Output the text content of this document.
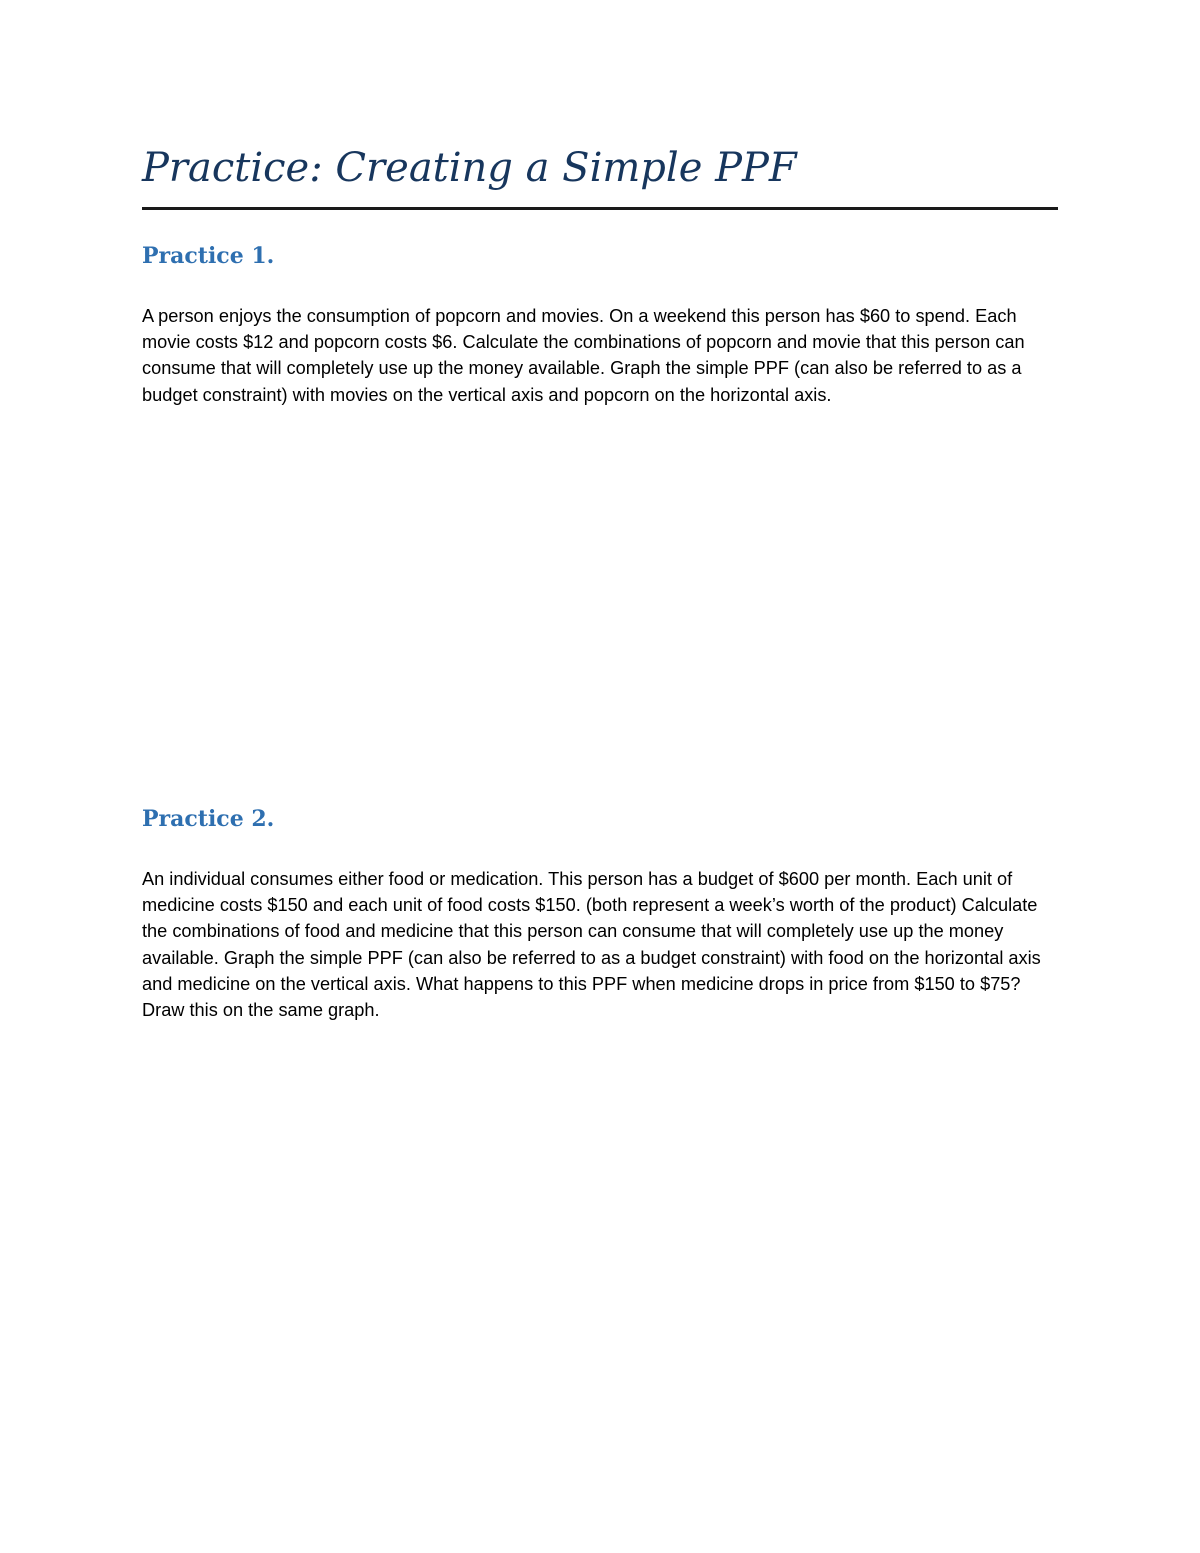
Practice: Creating a Simple PPF
Practice 1.

A person enjoys the consumption of popcorn and movies. On a weekend this person has $60 to spend. Each movie costs $12 and popcorn costs $6. Calculate the combinations of popcorn and movie that this person can consume that will completely use up the money available. Graph the simple PPF (can also be referred to as a budget constraint) with movies on the vertical axis and popcorn on the horizontal axis.

Practice 2.

An individual consumes either food or medication. This person has a budget of $600 per month. Each unit of medicine costs $150 and each unit of food costs $150. (both represent a week’s worth of the product) Calculate the combinations of food and medicine that this person can consume that will completely use up the money available. Graph the simple PPF (can also be referred to as a budget constraint) with food on the horizontal axis and medicine on the vertical axis. What happens to this PPF when medicine drops in price from $150 to $75? Draw this on the same graph.
